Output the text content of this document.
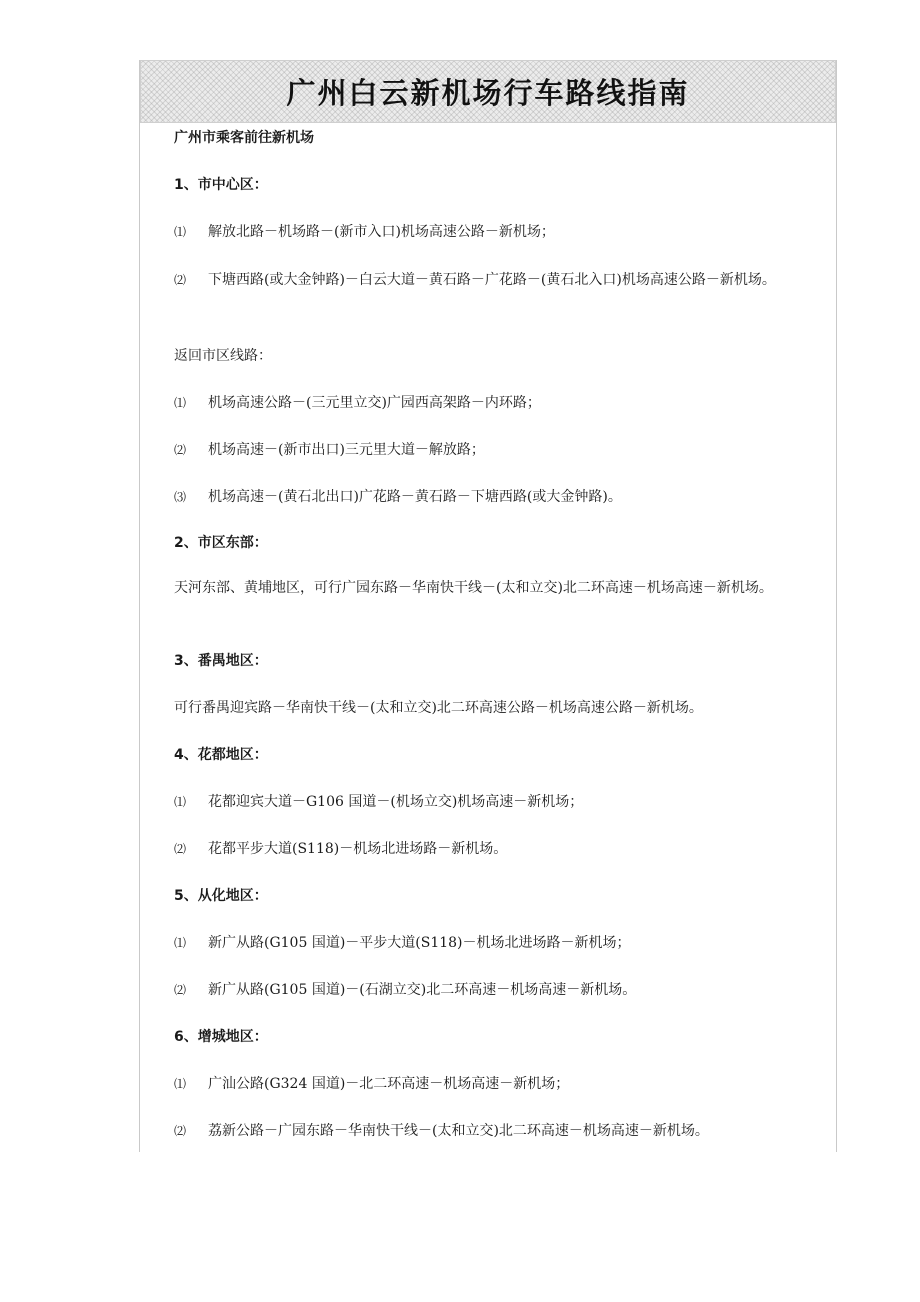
广州白云新机场行车路线指南
广州市乘客前往新机场
1、市中心区：
⑴ 解放北路－机场路－(新市入口)机场高速公路－新机场；
⑵ 下塘西路(或大金钟路)－白云大道－黄石路－广花路－(黄石北入口)机场高速公路－新机场。
返回市区线路：
⑴ 机场高速公路－(三元里立交)广园西高架路－内环路；
⑵ 机场高速－(新市出口)三元里大道－解放路；
⑶ 机场高速－(黄石北出口)广花路－黄石路－下塘西路(或大金钟路)。
2、市区东部：
天河东部、黄埔地区，可行广园东路－华南快干线－(太和立交)北二环高速－机场高速－新机场。
3、番禺地区：
可行番禺迎宾路－华南快干线－(太和立交)北二环高速公路－机场高速公路－新机场。
4、花都地区：
⑴ 花都迎宾大道－G106 国道－(机场立交)机场高速－新机场；
⑵ 花都平步大道(S118)－机场北进场路－新机场。
5、从化地区：
⑴ 新广从路(G105 国道)－平步大道(S118)－机场北进场路－新机场；
⑵ 新广从路(G105 国道)－(石湖立交)北二环高速－机场高速－新机场。
6、增城地区：
⑴ 广汕公路(G324 国道)－北二环高速－机场高速－新机场；
⑵ 荔新公路－广园东路－华南快干线－(太和立交)北二环高速－机场高速－新机场。
